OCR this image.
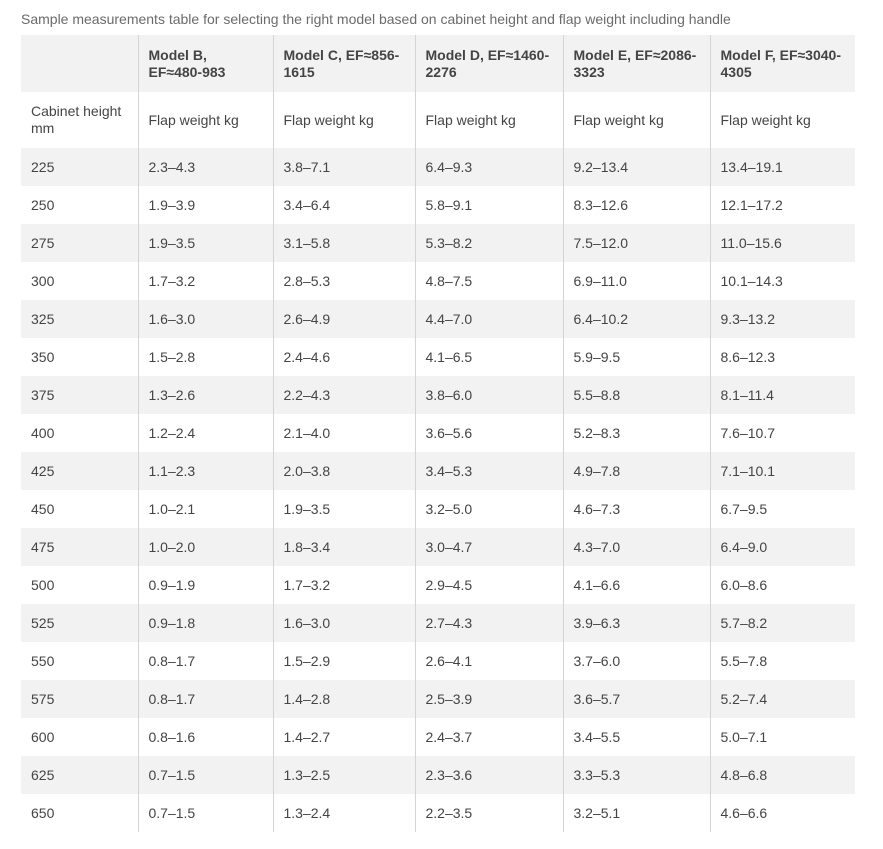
Sample measurements table for selecting the right model based on cabinet height and flap weight including handle
	Model B, EF≈480-983	Model C, EF≈856-1615	Model D, EF≈1460-2276	Model E, EF≈2086-3323	Model F, EF≈3040-4305
Cabinet height mm	Flap weight kg	Flap weight kg	Flap weight kg	Flap weight kg	Flap weight kg
225	2.3–4.3	3.8–7.1	6.4–9.3	9.2–13.4	13.4–19.1
250	1.9–3.9	3.4–6.4	5.8–9.1	8.3–12.6	12.1–17.2
275	1.9–3.5	3.1–5.8	5.3–8.2	7.5–12.0	11.0–15.6
300	1.7–3.2	2.8–5.3	4.8–7.5	6.9–11.0	10.1–14.3
325	1.6–3.0	2.6–4.9	4.4–7.0	6.4–10.2	9.3–13.2
350	1.5–2.8	2.4–4.6	4.1–6.5	5.9–9.5	8.6–12.3
375	1.3–2.6	2.2–4.3	3.8–6.0	5.5–8.8	8.1–11.4
400	1.2–2.4	2.1–4.0	3.6–5.6	5.2–8.3	7.6–10.7
425	1.1–2.3	2.0–3.8	3.4–5.3	4.9–7.8	7.1–10.1
450	1.0–2.1	1.9–3.5	3.2–5.0	4.6–7.3	6.7–9.5
475	1.0–2.0	1.8–3.4	3.0–4.7	4.3–7.0	6.4–9.0
500	0.9–1.9	1.7–3.2	2.9–4.5	4.1–6.6	6.0–8.6
525	0.9–1.8	1.6–3.0	2.7–4.3	3.9–6.3	5.7–8.2
550	0.8–1.7	1.5–2.9	2.6–4.1	3.7–6.0	5.5–7.8
575	0.8–1.7	1.4–2.8	2.5–3.9	3.6–5.7	5.2–7.4
600	0.8–1.6	1.4–2.7	2.4–3.7	3.4–5.5	5.0–7.1
625	0.7–1.5	1.3–2.5	2.3–3.6	3.3–5.3	4.8–6.8
650	0.7–1.5	1.3–2.4	2.2–3.5	3.2–5.1	4.6–6.6
